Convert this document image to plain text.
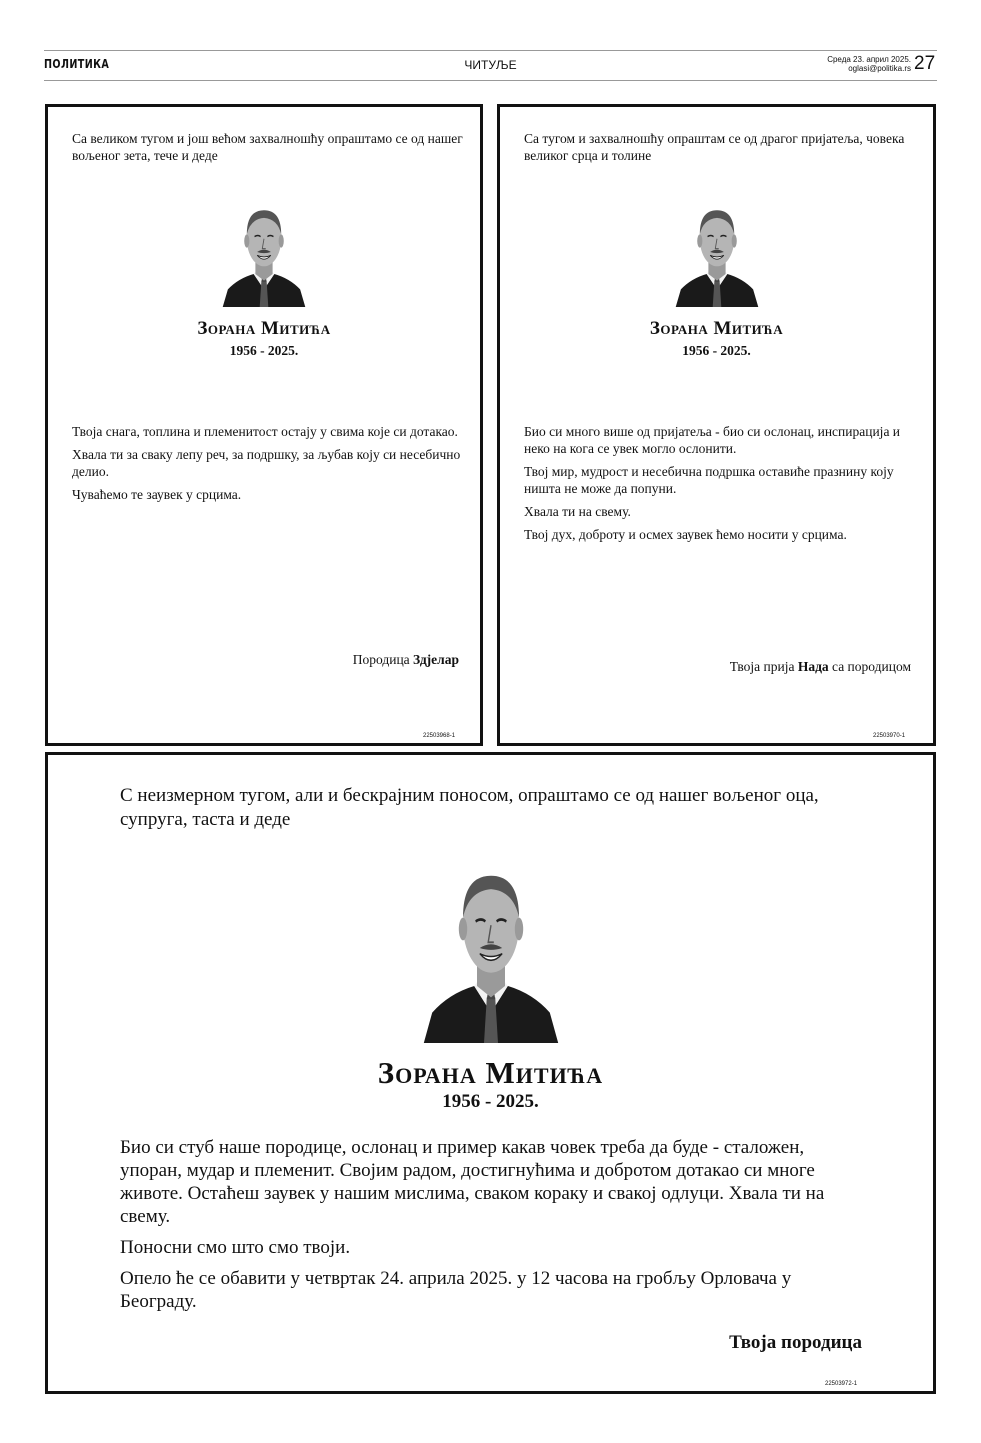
ПОЛИТИКА	ЧИТУЉЕ	Среда 23. април 2025.
oglasi@politika.rs 27
Са великом тугом и још већом захвалношћу опраштамо се од нашег вољеног зета, тече и деде
Зорана Митића
1956 - 2025.

Твоја снага, топлина и племенитост остају у свима које си дотакао.

Хвала ти за сваку лепу реч, за подршку, за љубав коју си несебично делио.

Чуваћемо те заувек у срцима.

Породица Здјелар
22503968-1
Са тугом и захвалношћу опраштам се од драгог пријатеља, човека великог срца и толине
Зорана Митића
1956 - 2025.

Био си много више од пријатеља - био си ослонац, инспирација и неко на кога се увек могло ослонити.

Твој мир, мудрост и несебична подршка оставиће празнину коју ништа не може да попуни.

Хвала ти на свему.

Твој дух, доброту и осмех заувек ћемо носити у срцима.

Твоја прија Нада са породицом
22503970-1
С неизмерном тугом, али и бескрајним поносом, опраштамо се од нашег вољеног оца, супруга, таста и деде
Зорана Митића
1956 - 2025.

Био си стуб наше породице, ослонац и пример какав човек треба да буде - сталожен, упоран, мудар и племенит. Својим радом, достигнућима и добротом дотакао си многе животе. Остаћеш заувек у нашим мислима, сваком кораку и свакој одлуци. Хвала ти на свему.

Поносни смо што смо твоји.

Опело ће се обавити у четвртак 24. априла 2025. у 12 часова на гробљу Орловача у Београду.

Твоја породица
22503972-1
